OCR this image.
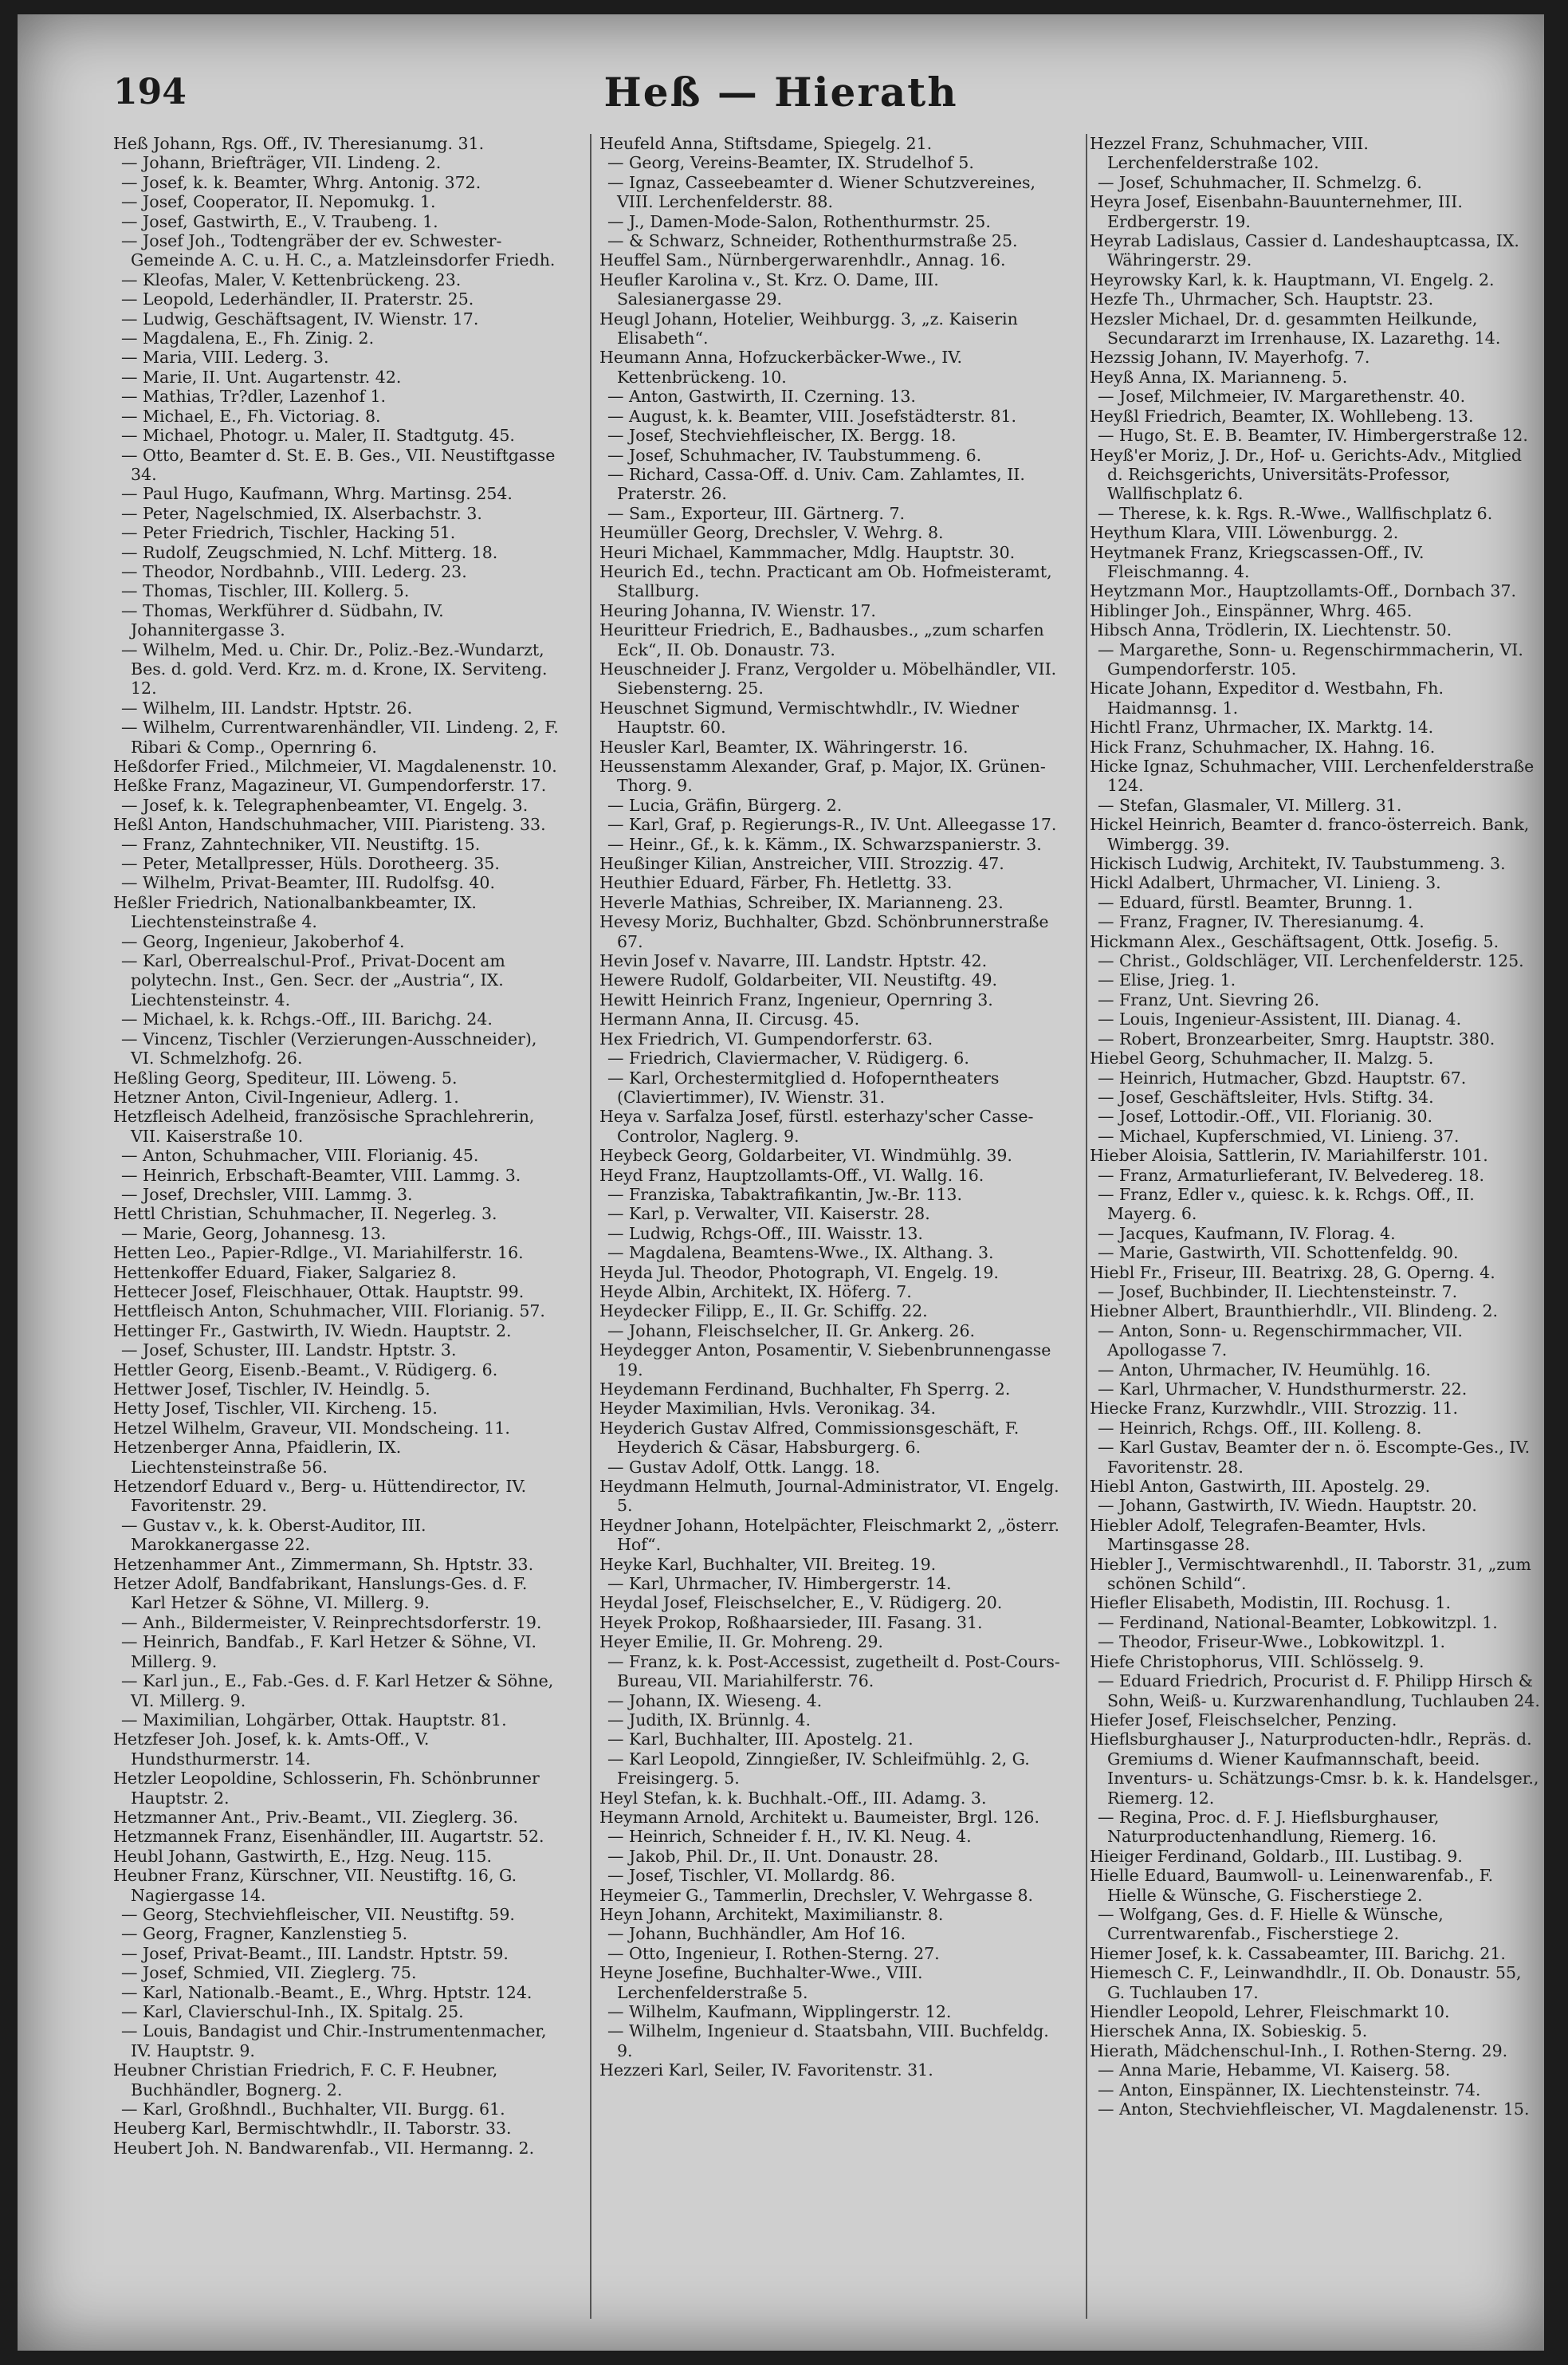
194	Heß — Hierath

Heß Johann, Rgs. Off., IV. Theresianumg. 31.

— Johann, Briefträger, VII. Lindeng. 2.

— Josef, k. k. Beamter, Whrg. Antonig. 372.

— Josef, Cooperator, II. Nepomukg. 1.

— Josef, Gastwirth, E., V. Traubeng. 1.

— Josef Joh., Todtengräber der ev. Schwester-Gemeinde A. C. u. H. C., a. Matzleinsdorfer Friedh.

— Kleofas, Maler, V. Kettenbrückeng. 23.

— Leopold, Lederhändler, II. Praterstr. 25.

— Ludwig, Geschäftsagent, IV. Wienstr. 17.

— Magdalena, E., Fh. Zinig. 2.

— Maria, VIII. Lederg. 3.

— Marie, II. Unt. Augartenstr. 42.

— Mathias, Tr?dler, Lazenhof 1.

— Michael, E., Fh. Victoriag. 8.

— Michael, Photogr. u. Maler, II. Stadtgutg. 45.

— Otto, Beamter d. St. E. B. Ges., VII. Neustiftgasse 34.

— Paul Hugo, Kaufmann, Whrg. Martinsg. 254.

— Peter, Nagelschmied, IX. Alserbachstr. 3.

— Peter Friedrich, Tischler, Hacking 51.

— Rudolf, Zeugschmied, N. Lchf. Mitterg. 18.

— Theodor, Nordbahnb., VIII. Lederg. 23.

— Thomas, Tischler, III. Kollerg. 5.

— Thomas, Werkführer d. Südbahn, IV. Johannitergasse 3.

— Wilhelm, Med. u. Chir. Dr., Poliz.-Bez.-Wundarzt, Bes. d. gold. Verd. Krz. m. d. Krone, IX. Serviteng. 12.

— Wilhelm, III. Landstr. Hptstr. 26.

— Wilhelm, Currentwarenhändler, VII. Lindeng. 2, F. Ribari & Comp., Opernring 6.

Heßdorfer Fried., Milchmeier, VI. Magdalenenstr. 10.

Heßke Franz, Magazineur, VI. Gumpendorferstr. 17.

— Josef, k. k. Telegraphenbeamter, VI. Engelg. 3.

Heßl Anton, Handschuhmacher, VIII. Piaristeng. 33.

— Franz, Zahntechniker, VII. Neustiftg. 15.

— Peter, Metallpresser, Hüls. Dorotheerg. 35.

— Wilhelm, Privat-Beamter, III. Rudolfsg. 40.

Heßler Friedrich, Nationalbankbeamter, IX. Liechtensteinstraße 4.

— Georg, Ingenieur, Jakoberhof 4.

— Karl, Oberrealschul-Prof., Privat-Docent am polytechn. Inst., Gen. Secr. der „Austria“, IX. Liechtensteinstr. 4.

— Michael, k. k. Rchgs.-Off., III. Barichg. 24.

— Vincenz, Tischler (Verzierungen-Ausschneider), VI. Schmelzhofg. 26.

Heßling Georg, Spediteur, III. Löweng. 5.

Hetzner Anton, Civil-Ingenieur, Adlerg. 1.

Hetzfleisch Adelheid, französische Sprachlehrerin, VII. Kaiserstraße 10.

— Anton, Schuhmacher, VIII. Florianig. 45.

— Heinrich, Erbschaft-Beamter, VIII. Lammg. 3.

— Josef, Drechsler, VIII. Lammg. 3.

Hettl Christian, Schuhmacher, II. Negerleg. 3.

— Marie, Georg, Johannesg. 13.

Hetten Leo., Papier-Rdlge., VI. Mariahilferstr. 16.

Hettenkoffer Eduard, Fiaker, Salgariez 8.

Hettecer Josef, Fleischhauer, Ottak. Hauptstr. 99.

Hettfleisch Anton, Schuhmacher, VIII. Florianig. 57.

Hettinger Fr., Gastwirth, IV. Wiedn. Hauptstr. 2.

— Josef, Schuster, III. Landstr. Hptstr. 3.

Hettler Georg, Eisenb.-Beamt., V. Rüdigerg. 6.

Hettwer Josef, Tischler, IV. Heindlg. 5.

Hetty Josef, Tischler, VII. Kircheng. 15.

Hetzel Wilhelm, Graveur, VII. Mondscheing. 11.

Hetzenberger Anna, Pfaidlerin, IX. Liechtensteinstraße 56.

Hetzendorf Eduard v., Berg- u. Hüttendirector, IV. Favoritenstr. 29.

— Gustav v., k. k. Oberst-Auditor, III. Marokkanergasse 22.

Hetzenhammer Ant., Zimmermann, Sh. Hptstr. 33.

Hetzer Adolf, Bandfabrikant, Hanslungs-Ges. d. F. Karl Hetzer & Söhne, VI. Millerg. 9.

— Anh., Bildermeister, V. Reinprechtsdorferstr. 19.

— Heinrich, Bandfab., F. Karl Hetzer & Söhne, VI. Millerg. 9.

— Karl jun., E., Fab.-Ges. d. F. Karl Hetzer & Söhne, VI. Millerg. 9.

— Maximilian, Lohgärber, Ottak. Hauptstr. 81.

Hetzfeser Joh. Josef, k. k. Amts-Off., V. Hundsthurmerstr. 14.

Hetzler Leopoldine, Schlosserin, Fh. Schönbrunner Hauptstr. 2.

Hetzmanner Ant., Priv.-Beamt., VII. Zieglerg. 36.

Hetzmannek Franz, Eisenhändler, III. Augartstr. 52.

Heubl Johann, Gastwirth, E., Hzg. Neug. 115.

Heubner Franz, Kürschner, VII. Neustiftg. 16, G. Nagiergasse 14.

— Georg, Stechviehfleischer, VII. Neustiftg. 59.

— Georg, Fragner, Kanzlenstieg 5.

— Josef, Privat-Beamt., III. Landstr. Hptstr. 59.

— Josef, Schmied, VII. Zieglerg. 75.

— Karl, Nationalb.-Beamt., E., Whrg. Hptstr. 124.

— Karl, Clavierschul-Inh., IX. Spitalg. 25.

— Louis, Bandagist und Chir.-Instrumentenmacher, IV. Hauptstr. 9.

Heubner Christian Friedrich, F. C. F. Heubner, Buchhändler, Bognerg. 2.

— Karl, Großhndl., Buchhalter, VII. Burgg. 61.

Heuberg Karl, Bermischtwhdlr., II. Taborstr. 33.

Heubert Joh. N. Bandwarenfab., VII. Hermanng. 2.

Heufeld Anna, Stiftsdame, Spiegelg. 21.

— Georg, Vereins-Beamter, IX. Strudelhof 5.

— Ignaz, Casseebeamter d. Wiener Schutzvereines, VIII. Lerchenfelderstr. 88.

— J., Damen-Mode-Salon, Rothenthurmstr. 25.

— & Schwarz, Schneider, Rothenthurmstraße 25.

Heuffel Sam., Nürnbergerwarenhdlr., Annag. 16.

Heufler Karolina v., St. Krz. O. Dame, III. Salesianergasse 29.

Heugl Johann, Hotelier, Weihburgg. 3, „z. Kaiserin Elisabeth“.

Heumann Anna, Hofzuckerbäcker-Wwe., IV. Kettenbrückeng. 10.

— Anton, Gastwirth, II. Czerning. 13.

— August, k. k. Beamter, VIII. Josefstädterstr. 81.

— Josef, Stechviehfleischer, IX. Bergg. 18.

— Josef, Schuhmacher, IV. Taubstummeng. 6.

— Richard, Cassa-Off. d. Univ. Cam. Zahlamtes, II. Praterstr. 26.

— Sam., Exporteur, III. Gärtnerg. 7.

Heumüller Georg, Drechsler, V. Wehrg. 8.

Heuri Michael, Kammmacher, Mdlg. Hauptstr. 30.

Heurich Ed., techn. Practicant am Ob. Hofmeisteramt, Stallburg.

Heuring Johanna, IV. Wienstr. 17.

Heuritteur Friedrich, E., Badhausbes., „zum scharfen Eck“, II. Ob. Donaustr. 73.

Heuschneider J. Franz, Vergolder u. Möbelhändler, VII. Siebensterng. 25.

Heuschnet Sigmund, Vermischtwhdlr., IV. Wiedner Hauptstr. 60.

Heusler Karl, Beamter, IX. Währingerstr. 16.

Heussenstamm Alexander, Graf, p. Major, IX. Grünen-Thorg. 9.

— Lucia, Gräfin, Bürgerg. 2.

— Karl, Graf, p. Regierungs-R., IV. Unt. Alleegasse 17.

— Heinr., Gf., k. k. Kämm., IX. Schwarzspanierstr. 3.

Heußinger Kilian, Anstreicher, VIII. Strozzig. 47.

Heuthier Eduard, Färber, Fh. Hetlettg. 33.

Heverle Mathias, Schreiber, IX. Marianneng. 23.

Hevesy Moriz, Buchhalter, Gbzd. Schönbrunnerstraße 67.

Hevin Josef v. Navarre, III. Landstr. Hptstr. 42.

Hewere Rudolf, Goldarbeiter, VII. Neustiftg. 49.

Hewitt Heinrich Franz, Ingenieur, Opernring 3.

Hermann Anna, II. Circusg. 45.

Hex Friedrich, VI. Gumpendorferstr. 63.

— Friedrich, Claviermacher, V. Rüdigerg. 6.

— Karl, Orchestermitglied d. Hofoperntheaters (Claviertimmer), IV. Wienstr. 31.

Heya v. Sarfalza Josef, fürstl. esterhazy'scher Casse-Controlor, Naglerg. 9.

Heybeck Georg, Goldarbeiter, VI. Windmühlg. 39.

Heyd Franz, Hauptzollamts-Off., VI. Wallg. 16.

— Franziska, Tabaktrafikantin, Jw.-Br. 113.

— Karl, p. Verwalter, VII. Kaiserstr. 28.

— Ludwig, Rchgs-Off., III. Waisstr. 13.

— Magdalena, Beamtens-Wwe., IX. Althang. 3.

Heyda Jul. Theodor, Photograph, VI. Engelg. 19.

Heyde Albin, Architekt, IX. Höferg. 7.

Heydecker Filipp, E., II. Gr. Schiffg. 22.

— Johann, Fleischselcher, II. Gr. Ankerg. 26.

Heydegger Anton, Posamentir, V. Siebenbrunnengasse 19.

Heydemann Ferdinand, Buchhalter, Fh Sperrg. 2.

Heyder Maximilian, Hvls. Veronikag. 34.

Heyderich Gustav Alfred, Commissionsgeschäft, F. Heyderich & Cäsar, Habsburgerg. 6.

— Gustav Adolf, Ottk. Langg. 18.

Heydmann Helmuth, Journal-Administrator, VI. Engelg. 5.

Heydner Johann, Hotelpächter, Fleischmarkt 2, „österr. Hof“.

Heyke Karl, Buchhalter, VII. Breiteg. 19.

— Karl, Uhrmacher, IV. Himbergerstr. 14.

Heydal Josef, Fleischselcher, E., V. Rüdigerg. 20.

Heyek Prokop, Roßhaarsieder, III. Fasang. 31.

Heyer Emilie, II. Gr. Mohreng. 29.

— Franz, k. k. Post-Accessist, zugetheilt d. Post-Cours-Bureau, VII. Mariahilferstr. 76.

— Johann, IX. Wieseng. 4.

— Judith, IX. Brünnlg. 4.

— Karl, Buchhalter, III. Apostelg. 21.

— Karl Leopold, Zinngießer, IV. Schleifmühlg. 2, G. Freisingerg. 5.

Heyl Stefan, k. k. Buchhalt.-Off., III. Adamg. 3.

Heymann Arnold, Architekt u. Baumeister, Brgl. 126.

— Heinrich, Schneider f. H., IV. Kl. Neug. 4.

— Jakob, Phil. Dr., II. Unt. Donaustr. 28.

— Josef, Tischler, VI. Mollardg. 86.

Heymeier G., Tammerlin, Drechsler, V. Wehrgasse 8.

Heyn Johann, Architekt, Maximilianstr. 8.

— Johann, Buchhändler, Am Hof 16.

— Otto, Ingenieur, I. Rothen-Sterng. 27.

Heyne Josefine, Buchhalter-Wwe., VIII. Lerchenfelderstraße 5.

— Wilhelm, Kaufmann, Wipplingerstr. 12.

— Wilhelm, Ingenieur d. Staatsbahn, VIII. Buchfeldg. 9.

Hezzeri Karl, Seiler, IV. Favoritenstr. 31.

Hezzel Franz, Schuhmacher, VIII. Lerchenfelderstraße 102.

— Josef, Schuhmacher, II. Schmelzg. 6.

Heyra Josef, Eisenbahn-Bauunternehmer, III. Erdbergerstr. 19.

Heyrab Ladislaus, Cassier d. Landeshauptcassa, IX. Währingerstr. 29.

Heyrowsky Karl, k. k. Hauptmann, VI. Engelg. 2.

Hezfe Th., Uhrmacher, Sch. Hauptstr. 23.

Hezsler Michael, Dr. d. gesammten Heilkunde, Secundararzt im Irrenhause, IX. Lazarethg. 14.

Hezssig Johann, IV. Mayerhofg. 7.

Heyß Anna, IX. Marianneng. 5.

— Josef, Milchmeier, IV. Margarethenstr. 40.

Heyßl Friedrich, Beamter, IX. Wohllebeng. 13.

— Hugo, St. E. B. Beamter, IV. Himbergerstraße 12.

Heyß'er Moriz, J. Dr., Hof- u. Gerichts-Adv., Mitglied d. Reichsgerichts, Universitäts-Professor, Wallfischplatz 6.

— Therese, k. k. Rgs. R.-Wwe., Wallfischplatz 6.

Heythum Klara, VIII. Löwenburgg. 2.

Heytmanek Franz, Kriegscassen-Off., IV. Fleischmanng. 4.

Heytzmann Mor., Hauptzollamts-Off., Dornbach 37.

Hiblinger Joh., Einspänner, Whrg. 465.

Hibsch Anna, Trödlerin, IX. Liechtenstr. 50.

— Margarethe, Sonn- u. Regenschirmmacherin, VI. Gumpendorferstr. 105.

Hicate Johann, Expeditor d. Westbahn, Fh. Haidmannsg. 1.

Hichtl Franz, Uhrmacher, IX. Marktg. 14.

Hick Franz, Schuhmacher, IX. Hahng. 16.

Hicke Ignaz, Schuhmacher, VIII. Lerchenfelderstraße 124.

— Stefan, Glasmaler, VI. Millerg. 31.

Hickel Heinrich, Beamter d. franco-österreich. Bank, Wimbergg. 39.

Hickisch Ludwig, Architekt, IV. Taubstummeng. 3.

Hickl Adalbert, Uhrmacher, VI. Linieng. 3.

— Eduard, fürstl. Beamter, Brunng. 1.

— Franz, Fragner, IV. Theresianumg. 4.

Hickmann Alex., Geschäftsagent, Ottk. Josefig. 5.

— Christ., Goldschläger, VII. Lerchenfelderstr. 125.

— Elise, Jrieg. 1.

— Franz, Unt. Sievring 26.

— Louis, Ingenieur-Assistent, III. Dianag. 4.

— Robert, Bronzearbeiter, Smrg. Hauptstr. 380.

Hiebel Georg, Schuhmacher, II. Malzg. 5.

— Heinrich, Hutmacher, Gbzd. Hauptstr. 67.

— Josef, Geschäftsleiter, Hvls. Stiftg. 34.

— Josef, Lottodir.-Off., VII. Florianig. 30.

— Michael, Kupferschmied, VI. Linieng. 37.

Hieber Aloisia, Sattlerin, IV. Mariahilferstr. 101.

— Franz, Armaturlieferant, IV. Belvedereg. 18.

— Franz, Edler v., quiesc. k. k. Rchgs. Off., II. Mayerg. 6.

— Jacques, Kaufmann, IV. Florag. 4.

— Marie, Gastwirth, VII. Schottenfeldg. 90.

Hiebl Fr., Friseur, III. Beatrixg. 28, G. Operng. 4.

— Josef, Buchbinder, II. Liechtensteinstr. 7.

Hiebner Albert, Braunthierhdlr., VII. Blindeng. 2.

— Anton, Sonn- u. Regenschirmmacher, VII. Apollogasse 7.

— Anton, Uhrmacher, IV. Heumühlg. 16.

— Karl, Uhrmacher, V. Hundsthurmerstr. 22.

Hiecke Franz, Kurzwhdlr., VIII. Strozzig. 11.

— Heinrich, Rchgs. Off., III. Kolleng. 8.

— Karl Gustav, Beamter der n. ö. Escompte-Ges., IV. Favoritenstr. 28.

Hiebl Anton, Gastwirth, III. Apostelg. 29.

— Johann, Gastwirth, IV. Wiedn. Hauptstr. 20.

Hiebler Adolf, Telegrafen-Beamter, Hvls. Martinsgasse 28.

Hiebler J., Vermischtwarenhdl., II. Taborstr. 31, „zum schönen Schild“.

Hiefler Elisabeth, Modistin, III. Rochusg. 1.

— Ferdinand, National-Beamter, Lobkowitzpl. 1.

— Theodor, Friseur-Wwe., Lobkowitzpl. 1.

Hiefe Christophorus, VIII. Schlösselg. 9.

— Eduard Friedrich, Procurist d. F. Philipp Hirsch & Sohn, Weiß- u. Kurzwarenhandlung, Tuchlauben 24.

Hiefer Josef, Fleischselcher, Penzing.

Hieflsburghauser J., Naturproducten-hdlr., Repräs. d. Gremiums d. Wiener Kaufmannschaft, beeid. Inventurs- u. Schätzungs-Cmsr. b. k. k. Handelsger., Riemerg. 12.

— Regina, Proc. d. F. J. Hieflsburghauser, Naturproductenhandlung, Riemerg. 16.

Hieiger Ferdinand, Goldarb., III. Lustibag. 9.

Hielle Eduard, Baumwoll- u. Leinenwarenfab., F. Hielle & Wünsche, G. Fischerstiege 2.

— Wolfgang, Ges. d. F. Hielle & Wünsche, Currentwarenfab., Fischerstiege 2.

Hiemer Josef, k. k. Cassabeamter, III. Barichg. 21.

Hiemesch C. F., Leinwandhdlr., II. Ob. Donaustr. 55, G. Tuchlauben 17.

Hiendler Leopold, Lehrer, Fleischmarkt 10.

Hierschek Anna, IX. Sobieskig. 5.

Hierath, Mädchenschul-Inh., I. Rothen-Sterng. 29.

— Anna Marie, Hebamme, VI. Kaiserg. 58.

— Anton, Einspänner, IX. Liechtensteinstr. 74.

— Anton, Stechviehfleischer, VI. Magdalenenstr. 15.
